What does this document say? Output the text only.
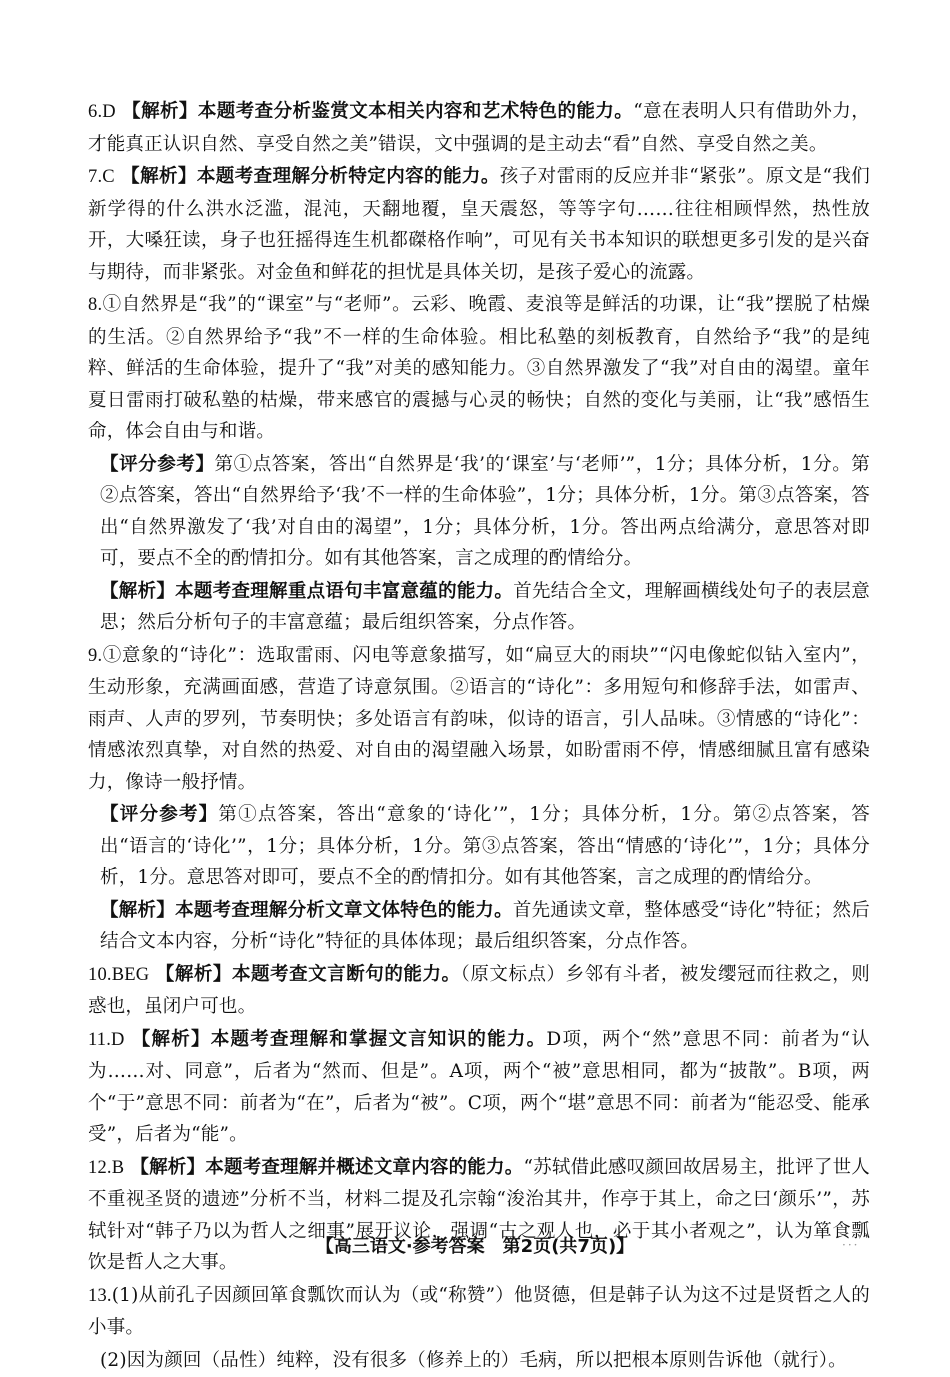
6.D 【解析】本题考查分析鉴赏文本相关内容和艺术特色的能力。“意在表明人只有借助外力，才能真正认识自然、享受自然之美”错误，文中强调的是主动去“看”自然、享受自然之美。
7.C 【解析】本题考查理解分析特定内容的能力。孩子对雷雨的反应并非“紧张”。原文是“我们新学得的什么洪水泛滥，混沌，天翻地覆，皇天震怒，等等字句……往往相顾悍然，热性放开，大嗓狂读，身子也狂摇得连生机都磔格作响”，可见有关书本知识的联想更多引发的是兴奋与期待，而非紧张。对金鱼和鲜花的担忧是具体关切，是孩子爱心的流露。
8.①自然界是“我”的“课室”与“老师”。云彩、晚霞、麦浪等是鲜活的功课，让“我”摆脱了枯燥的生活。②自然界给予“我”不一样的生命体验。相比私塾的刻板教育，自然给予“我”的是纯粹、鲜活的生命体验，提升了“我”对美的感知能力。③自然界激发了“我”对自由的渴望。童年夏日雷雨打破私塾的枯燥，带来感官的震撼与心灵的畅快；自然的变化与美丽，让“我”感悟生命，体会自由与和谐。
【评分参考】第①点答案，答出“自然界是‘我’的‘课室’与‘老师’”，1分；具体分析，1分。第②点答案，答出“自然界给予‘我’不一样的生命体验”，1分；具体分析，1分。第③点答案，答出“自然界激发了‘我’对自由的渴望”，1分；具体分析，1分。答出两点给满分，意思答对即可，要点不全的酌情扣分。如有其他答案，言之成理的酌情给分。
【解析】本题考查理解重点语句丰富意蕴的能力。首先结合全文，理解画横线处句子的表层意思；然后分析句子的丰富意蕴；最后组织答案，分点作答。
9.①意象的“诗化”：选取雷雨、闪电等意象描写，如“扁豆大的雨块”“闪电像蛇似钻入室内”，生动形象，充满画面感，营造了诗意氛围。②语言的“诗化”：多用短句和修辞手法，如雷声、雨声、人声的罗列，节奏明快；多处语言有韵味，似诗的语言，引人品味。③情感的“诗化”：情感浓烈真挚，对自然的热爱、对自由的渴望融入场景，如盼雷雨不停，情感细腻且富有感染力，像诗一般抒情。
【评分参考】第①点答案，答出“意象的‘诗化’”，1分；具体分析，1分。第②点答案，答出“语言的‘诗化’”，1分；具体分析，1分。第③点答案，答出“情感的‘诗化’”，1分；具体分析，1分。意思答对即可，要点不全的酌情扣分。如有其他答案，言之成理的酌情给分。
【解析】本题考查理解分析文章文体特色的能力。首先通读文章，整体感受“诗化”特征；然后结合文本内容，分析“诗化”特征的具体体现；最后组织答案，分点作答。
10.BEG 【解析】本题考查文言断句的能力。（原文标点）乡邻有斗者，被发缨冠而往救之，则惑也，虽闭户可也。
11.D 【解析】本题考查理解和掌握文言知识的能力。D项，两个“然”意思不同：前者为“认为……对、同意”，后者为“然而、但是”。A项，两个“被”意思相同，都为“披散”。B项，两个“于”意思不同：前者为“在”，后者为“被”。C项，两个“堪”意思不同：前者为“能忍受、能承受”，后者为“能”。
12.B 【解析】本题考查理解并概述文章内容的能力。“苏轼借此感叹颜回故居易主，批评了世人不重视圣贤的遗迹”分析不当，材料二提及孔宗翰“浚治其井，作亭于其上，命之曰‘颜乐’”，苏轼针对“韩子乃以为哲人之细事”展开议论，强调“古之观人也，必于其小者观之”，认为箪食瓢饮是哲人之大事。
13.(1)从前孔子因颜回箪食瓢饮而认为（或“称赞”）他贤德，但是韩子认为这不过是贤哲之人的小事。
(2)因为颜回（品性）纯粹，没有很多（修养上的）毛病，所以把根本原则告诉他（就行）。
【高三语文·参考答案　第2页(共7页)】	···
